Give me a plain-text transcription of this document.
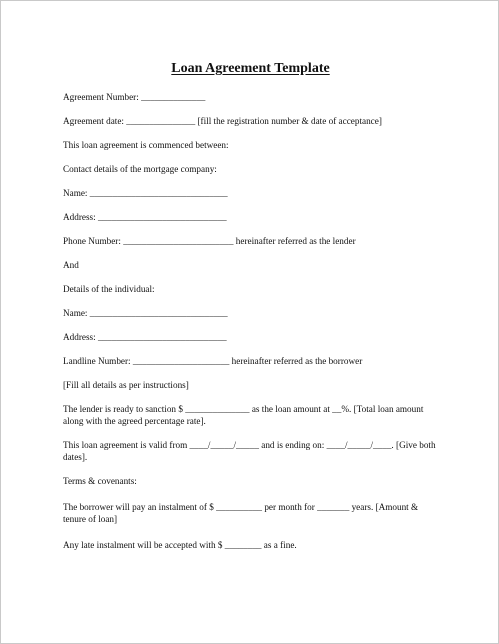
Loan Agreement Template
Agreement Number: ______________
Agreement date: _______________ [fill the registration number & date of acceptance]
This loan agreement is commenced between:
Contact details of the mortgage company:
Name: ______________________________
Address: ____________________________
Phone Number: ________________________ hereinafter referred as the lender
And
Details of the individual:
Name: ______________________________
Address: ____________________________
Landline Number: _____________________ hereinafter referred as the borrower
[Fill all details as per instructions]
The lender is ready to sanction $ ______________ as the loan amount at __%. [Total loan amount along with the agreed percentage rate].
This loan agreement is valid from ____/_____/_____ and is ending on: ____/_____/____. [Give both dates].
Terms & covenants:
The borrower will pay an instalment of $ __________ per month for _______ years. [Amount & tenure of loan]
Any late instalment will be accepted with $ ________ as a fine.
